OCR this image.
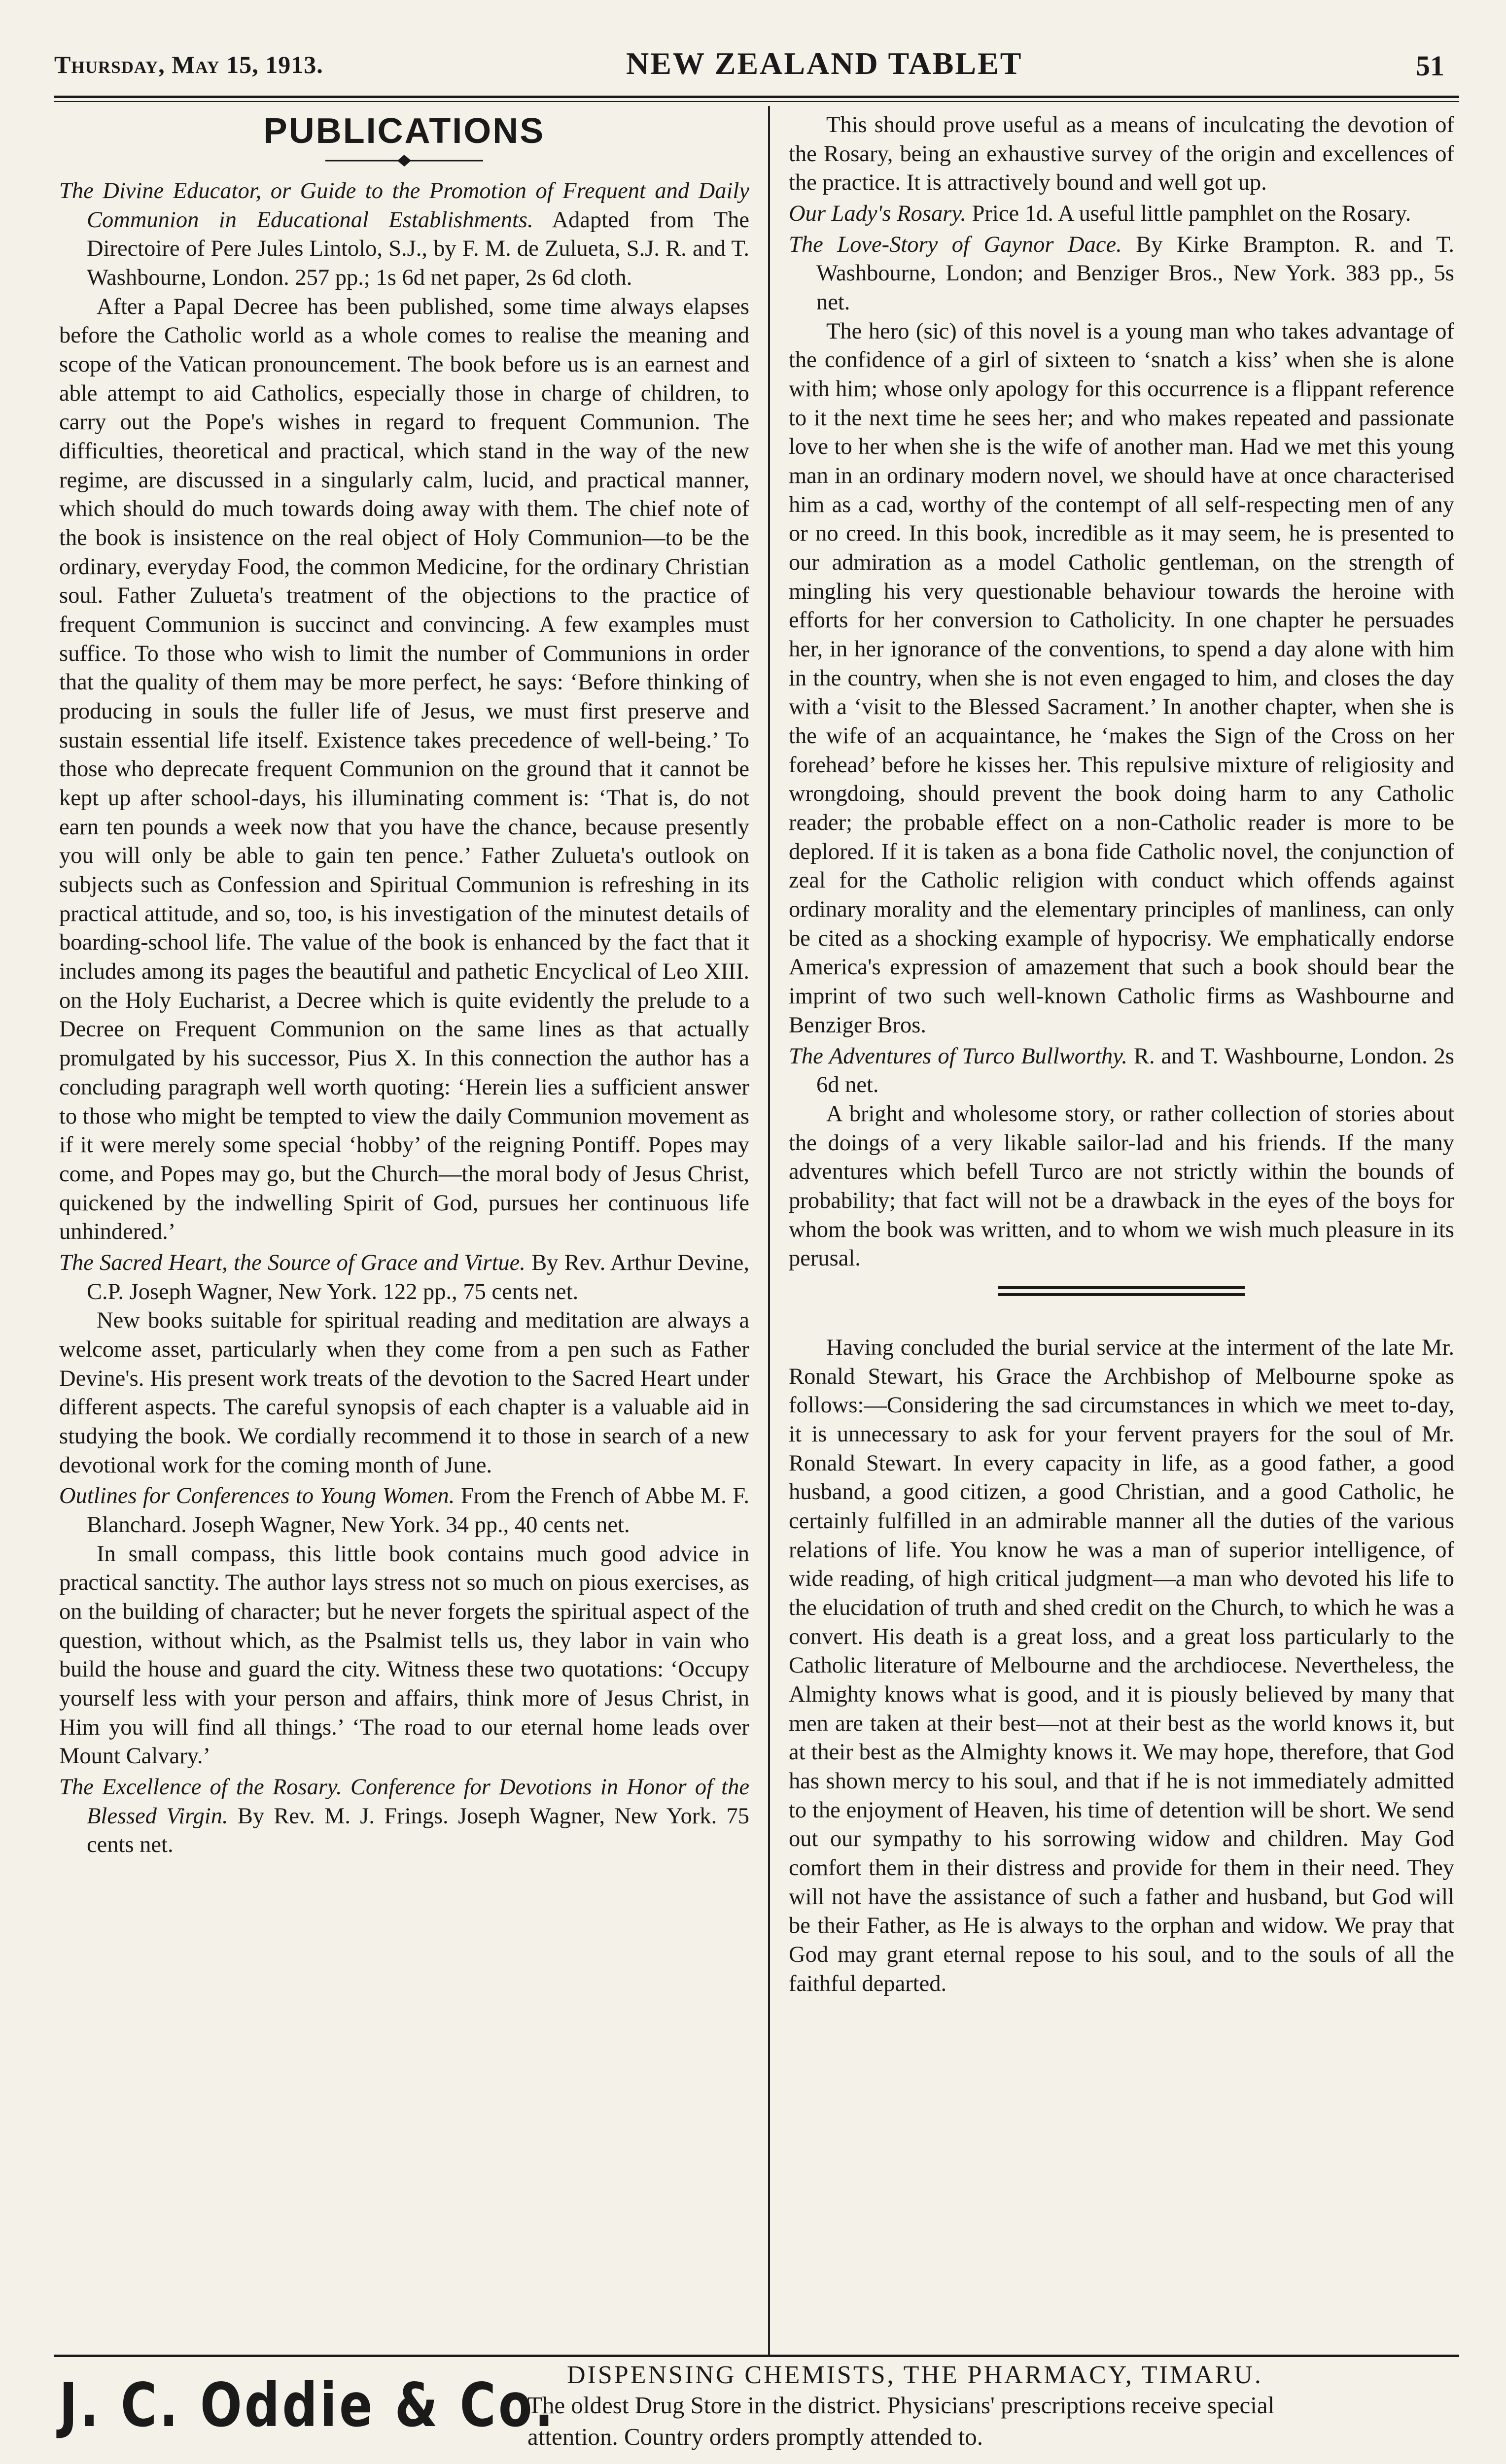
Thursday, May 15, 1913.	NEW ZEALAND TABLET	51
PUBLICATIONS

The Divine Educator, or Guide to the Promotion of Frequent and Daily Communion in Educational Establishments. Adapted from The Directoire of Pere Jules Lintolo, S.J., by F. M. de Zulueta, S.J. R. and T. Washbourne, London. 257 pp.; 1s 6d net paper, 2s 6d cloth.

After a Papal Decree has been published, some time always elapses before the Catholic world as a whole comes to realise the meaning and scope of the Vatican pronouncement. The book before us is an earnest and able attempt to aid Catholics, especially those in charge of children, to carry out the Pope's wishes in regard to frequent Communion. The difficulties, theoretical and practical, which stand in the way of the new regime, are discussed in a singularly calm, lucid, and practical manner, which should do much towards doing away with them. The chief note of the book is insistence on the real object of Holy Communion—to be the ordinary, everyday Food, the common Medicine, for the ordinary Christian soul. Father Zulueta's treatment of the objections to the practice of frequent Communion is succinct and convincing. A few examples must suffice. To those who wish to limit the number of Communions in order that the quality of them may be more perfect, he says: ‘Before thinking of producing in souls the fuller life of Jesus, we must first preserve and sustain essential life itself. Existence takes precedence of well-being.’ To those who deprecate frequent Communion on the ground that it cannot be kept up after school-days, his illuminating comment is: ‘That is, do not earn ten pounds a week now that you have the chance, because presently you will only be able to gain ten pence.’ Father Zulueta's outlook on subjects such as Confession and Spiritual Communion is refreshing in its practical attitude, and so, too, is his investigation of the minutest details of boarding-school life. The value of the book is enhanced by the fact that it includes among its pages the beautiful and pathetic Encyclical of Leo XIII. on the Holy Eucharist, a Decree which is quite evidently the prelude to a Decree on Frequent Communion on the same lines as that actually promulgated by his successor, Pius X. In this connection the author has a concluding paragraph well worth quoting: ‘Herein lies a sufficient answer to those who might be tempted to view the daily Communion movement as if it were merely some special ‘hobby’ of the reigning Pontiff. Popes may come, and Popes may go, but the Church—the moral body of Jesus Christ, quickened by the indwelling Spirit of God, pursues her continuous life unhindered.’

The Sacred Heart, the Source of Grace and Virtue. By Rev. Arthur Devine, C.P. Joseph Wagner, New York. 122 pp., 75 cents net.

New books suitable for spiritual reading and meditation are always a welcome asset, particularly when they come from a pen such as Father Devine's. His present work treats of the devotion to the Sacred Heart under different aspects. The careful synopsis of each chapter is a valuable aid in studying the book. We cordially recommend it to those in search of a new devotional work for the coming month of June.

Outlines for Conferences to Young Women. From the French of Abbe M. F. Blanchard. Joseph Wagner, New York. 34 pp., 40 cents net.

In small compass, this little book contains much good advice in practical sanctity. The author lays stress not so much on pious exercises, as on the building of character; but he never forgets the spiritual aspect of the question, without which, as the Psalmist tells us, they labor in vain who build the house and guard the city. Witness these two quotations: ‘Occupy yourself less with your person and affairs, think more of Jesus Christ, in Him you will find all things.’ ‘The road to our eternal home leads over Mount Calvary.’

The Excellence of the Rosary. Conference for Devotions in Honor of the Blessed Virgin. By Rev. M. J. Frings. Joseph Wagner, New York. 75 cents net.

This should prove useful as a means of inculcating the devotion of the Rosary, being an exhaustive survey of the origin and excellences of the practice. It is attractively bound and well got up.

Our Lady's Rosary. Price 1d. A useful little pamphlet on the Rosary.

The Love-Story of Gaynor Dace. By Kirke Brampton. R. and T. Washbourne, London; and Benziger Bros., New York. 383 pp., 5s net.

The hero (sic) of this novel is a young man who takes advantage of the confidence of a girl of sixteen to ‘snatch a kiss’ when she is alone with him; whose only apology for this occurrence is a flippant reference to it the next time he sees her; and who makes repeated and passionate love to her when she is the wife of another man. Had we met this young man in an ordinary modern novel, we should have at once characterised him as a cad, worthy of the contempt of all self-respecting men of any or no creed. In this book, incredible as it may seem, he is presented to our admiration as a model Catholic gentleman, on the strength of mingling his very questionable behaviour towards the heroine with efforts for her conversion to Catholicity. In one chapter he persuades her, in her ignorance of the conventions, to spend a day alone with him in the country, when she is not even engaged to him, and closes the day with a ‘visit to the Blessed Sacrament.’ In another chapter, when she is the wife of an acquaintance, he ‘makes the Sign of the Cross on her forehead’ before he kisses her. This repulsive mixture of religiosity and wrongdoing, should prevent the book doing harm to any Catholic reader; the probable effect on a non-Catholic reader is more to be deplored. If it is taken as a bona fide Catholic novel, the conjunction of zeal for the Catholic religion with conduct which offends against ordinary morality and the elementary principles of manliness, can only be cited as a shocking example of hypocrisy. We emphatically endorse America's expression of amazement that such a book should bear the imprint of two such well-known Catholic firms as Washbourne and Benziger Bros.

The Adventures of Turco Bullworthy. R. and T. Washbourne, London. 2s 6d net.

A bright and wholesome story, or rather collection of stories about the doings of a very likable sailor-lad and his friends. If the many adventures which befell Turco are not strictly within the bounds of probability; that fact will not be a drawback in the eyes of the boys for whom the book was written, and to whom we wish much pleasure in its perusal.

Having concluded the burial service at the interment of the late Mr. Ronald Stewart, his Grace the Archbishop of Melbourne spoke as follows:—Considering the sad circumstances in which we meet to-day, it is unnecessary to ask for your fervent prayers for the soul of Mr. Ronald Stewart. In every capacity in life, as a good father, a good husband, a good citizen, a good Christian, and a good Catholic, he certainly fulfilled in an admirable manner all the duties of the various relations of life. You know he was a man of superior intelligence, of wide reading, of high critical judgment—a man who devoted his life to the elucidation of truth and shed credit on the Church, to which he was a convert. His death is a great loss, and a great loss particularly to the Catholic literature of Melbourne and the archdiocese. Nevertheless, the Almighty knows what is good, and it is piously believed by many that men are taken at their best—not at their best as the world knows it, but at their best as the Almighty knows it. We may hope, therefore, that God has shown mercy to his soul, and that if he is not immediately admitted to the enjoyment of Heaven, his time of detention will be short. We send out our sympathy to his sorrowing widow and children. May God comfort them in their distress and provide for them in their need. They will not have the assistance of such a father and husband, but God will be their Father, as He is always to the orphan and widow. We pray that God may grant eternal repose to his soul, and to the souls of all the faithful departed.

J. C. Oddie & Co. DISPENSING CHEMISTS, THE PHARMACY, TIMARU.
The oldest Drug Store in the district. Physicians' prescriptions receive special
attention. Country orders promptly attended to.
